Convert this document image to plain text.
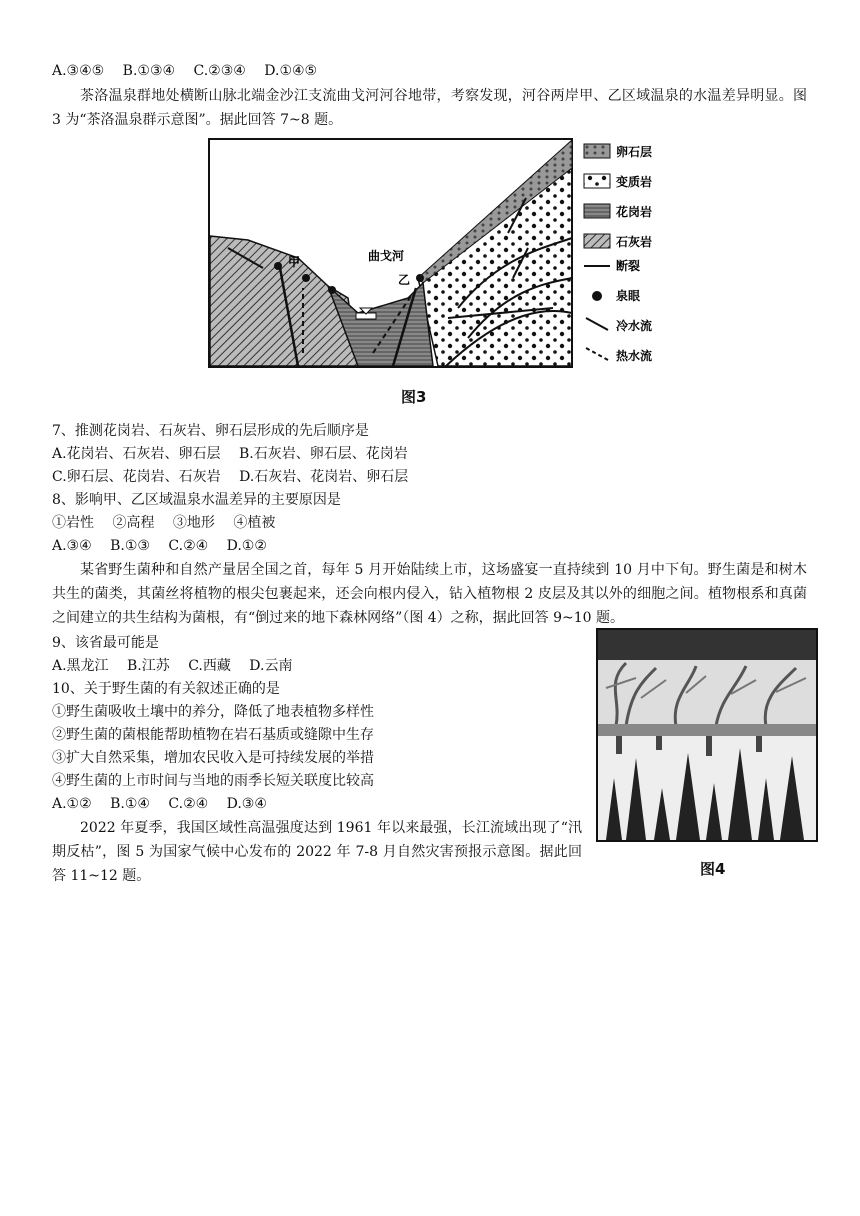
A.③④⑤　 B.①③④　 C.②③④　 D.①④⑤
茶洛温泉群地处横断山脉北端金沙江支流曲戈河河谷地带，考察发现，河谷两岸甲、乙区域温泉的水温差异明显。图 3 为“茶洛温泉群示意图”。据此回答 7~8 题。
甲
乙
曲戈河
卵石层
变质岩
花岗岩
石灰岩
断裂
泉眼
冷水流
热水流
图3
7、推测花岗岩、石灰岩、卵石层形成的先后顺序是
A.花岗岩、石灰岩、卵石层　 B.石灰岩、卵石层、花岗岩
C.卵石层、花岗岩、石灰岩　 D.石灰岩、花岗岩、卵石层
8、影响甲、乙区域温泉水温差异的主要原因是
①岩性　 ②高程　 ③地形　 ④植被
A.③④　 B.①③　 C.②④　 D.①②
某省野生菌种和自然产量居全国之首，每年 5 月开始陆续上市，这场盛宴一直持续到 10 月中下旬。野生菌是和树木共生的菌类，其菌丝将植物的根尖包裹起来，还会向根内侵入，钻入植物根 2 皮层及其以外的细胞之间。植物根系和真菌之间建立的共生结构为菌根，有“倒过来的地下森林网络”（图 4）之称，据此回答 9~10 题。
9、该省最可能是
A.黑龙江　 B.江苏　 C.西藏　 D.云南
10、关于野生菌的有关叙述正确的是
①野生菌吸收土壤中的养分，降低了地表植物多样性
②野生菌的菌根能帮助植物在岩石基质或缝隙中生存
③扩大自然采集，增加农民收入是可持续发展的举措
④野生菌的上市时间与当地的雨季长短关联度比较高
A.①②　 B.①④　 C.②④　 D.③④
2022 年夏季，我国区域性高温强度达到 1961 年以来最强，长江流域出现了“汛期反枯”，图 5 为国家气候中心发布的 2022 年 7-8 月自然灾害预报示意图。据此回答 11~12 题。	图4
